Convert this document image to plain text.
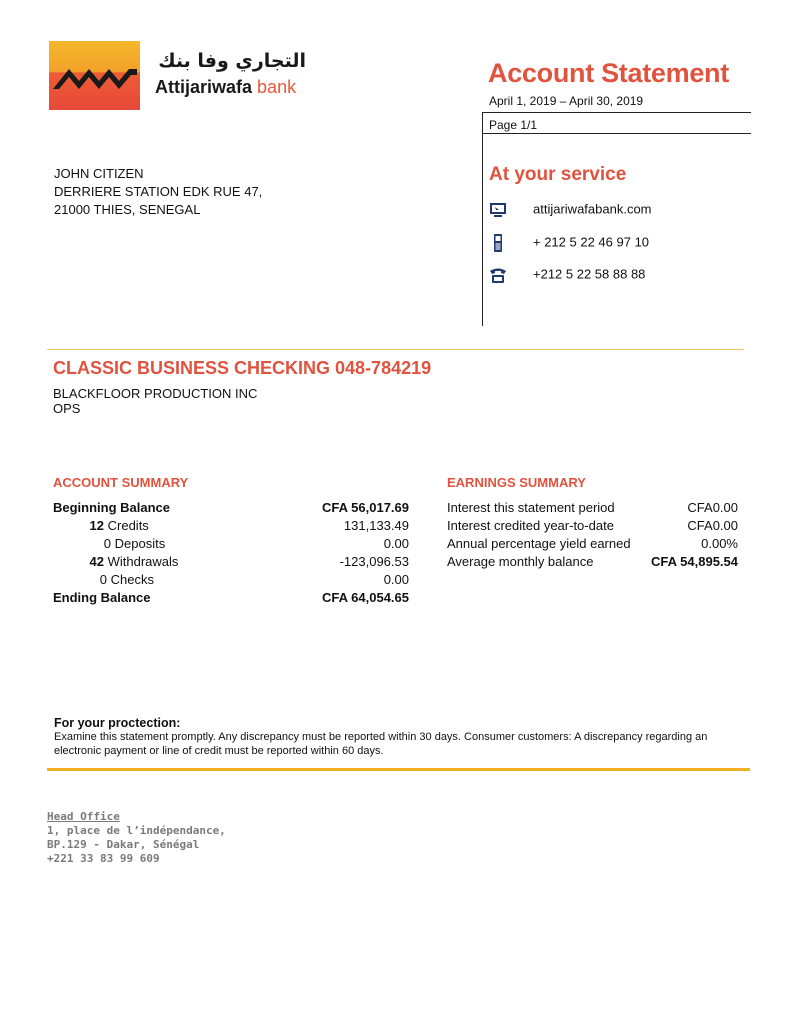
التجاري وفا بنك
Attijariwafa bank	Account Statement
April 1, 2019 – April 30, 2019
Page 1/1
JOHN CITIZEN
DERRIERE STATION EDK RUE 47,
21000 THIES, SENEGAL
At your service
attijariwafabank.com
+ 212 5 22 46 97 10
+212 5 22 58 88 88
CLASSIC BUSINESS CHECKING 048-784219
BLACKFLOOR PRODUCTION INC
OPS
ACCOUNT SUMMARY
Beginning Balance	CFA 56,017.69
12 Credits	131,133.49
0 Deposits	0.00
42 Withdrawals	-123,096.53
0 Checks	0.00
Ending Balance	CFA 64,054.65
EARNINGS SUMMARY
Interest this statement period	CFA0.00
Interest credited year-to-date	CFA0.00
Annual percentage yield earned	0.00%
Average monthly balance	CFA 54,895.54
For your proctection:
Examine this statement promptly. Any discrepancy must be reported within 30 days. Consumer customers: A discrepancy regarding an electronic payment or line of credit must be reported within 60 days.
Head Office
1, place de l’indépendance,
BP.129 - Dakar, Sénégal
+221 33 83 99 609
